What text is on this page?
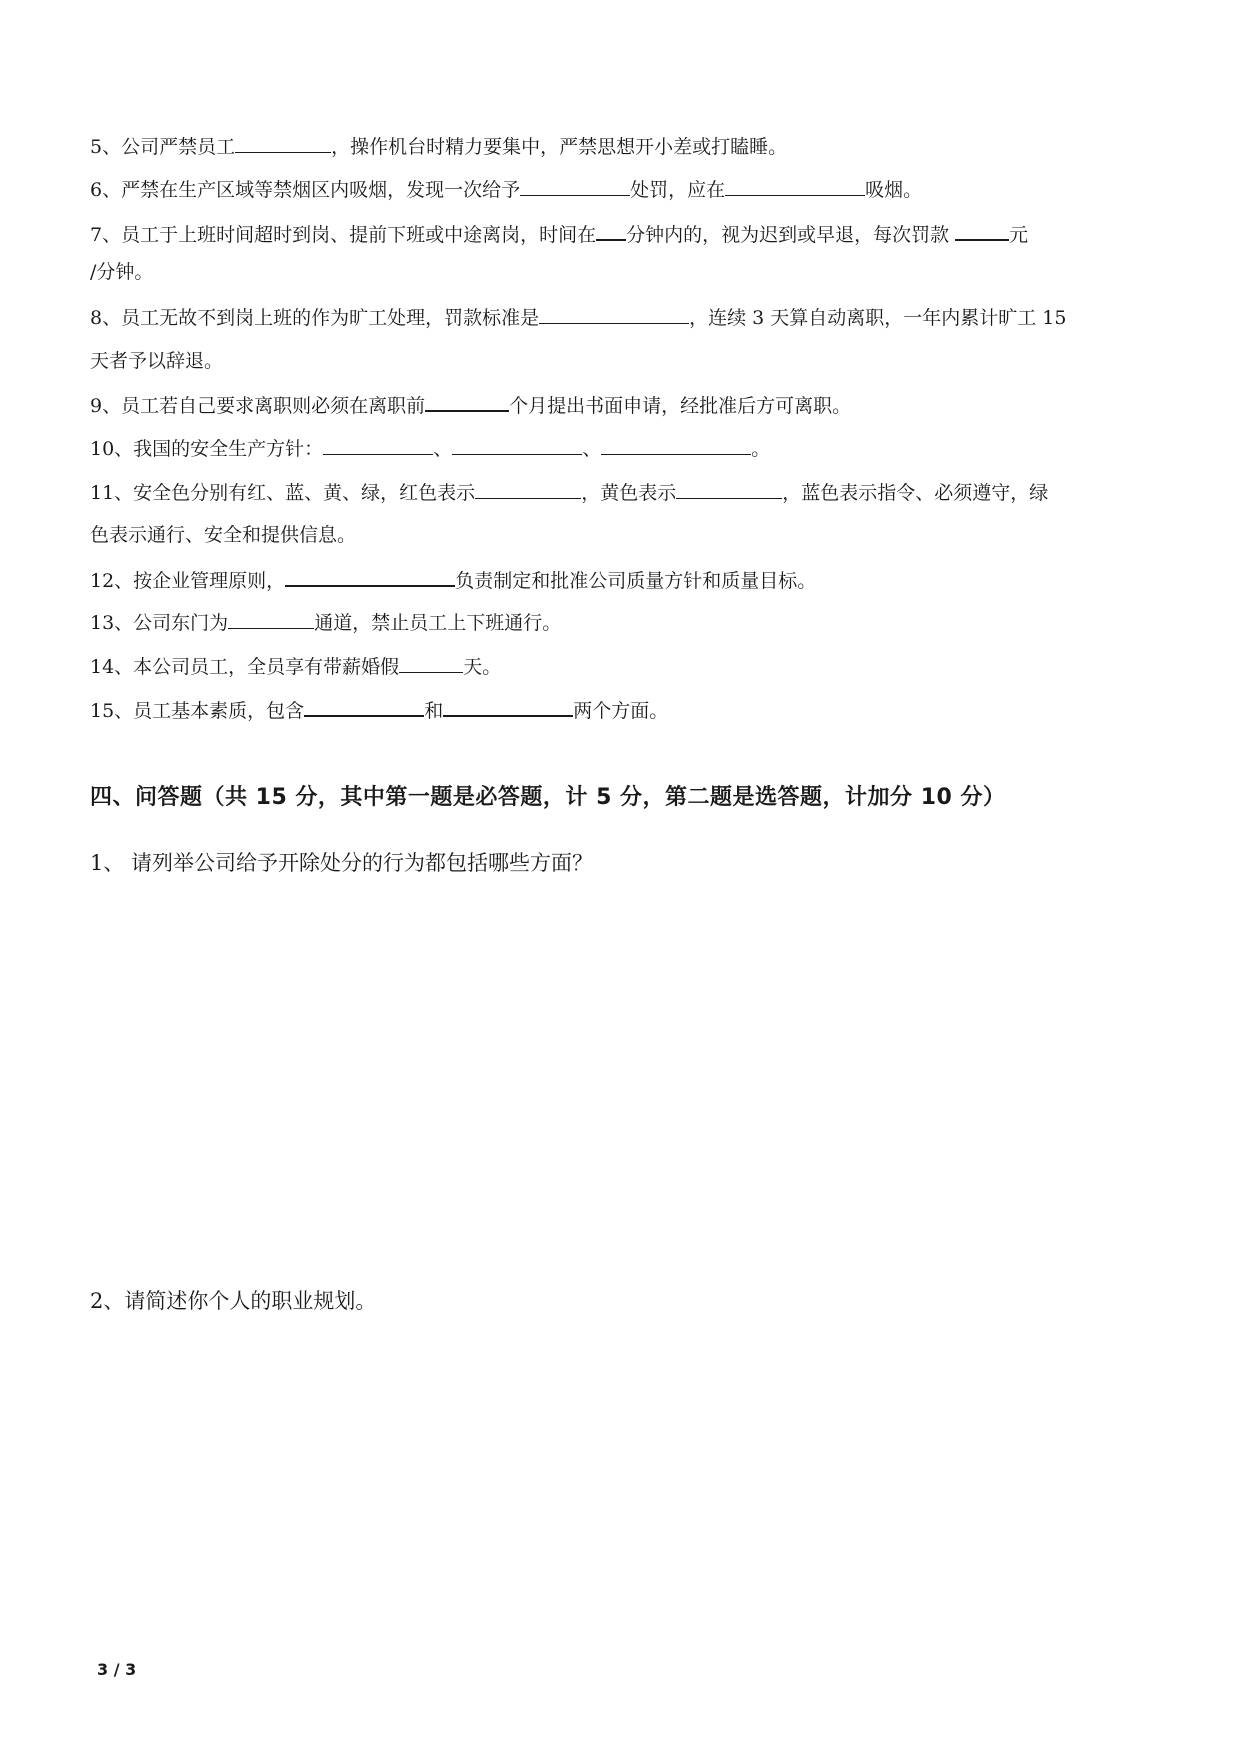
5、公司严禁员工	，操作机台时精力要集中，严禁思想开小差或打瞌睡。
6、严禁在生产区域等禁烟区内吸烟，发现一次给予	处罚，应在	吸烟。
7、员工于上班时间超时到岗、提前下班或中途离岗，时间在 分钟内的，视为迟到或早退，每次罚款	元
/分钟。
8、员工无故不到岗上班的作为旷工处理，罚款标准是	，连续 3 天算自动离职，一年内累计旷工 15
天者予以辞退。
9、员工若自己要求离职则必须在离职前	个月提出书面申请，经批准后方可离职。
10、我国的安全生产方针：	、	、	。
11、安全色分别有红、蓝、黄、绿，红色表示	，黄色表示	，蓝色表示指令、必须遵守，绿
色表示通行、安全和提供信息。
12、按企业管理原则，	负责制定和批准公司质量方针和质量目标。
13、公司东门为	通道，禁止员工上下班通行。
14、本公司员工，全员享有带薪婚假	天。
15、员工基本素质，包含	和	两个方面。
四、问答题（共 15 分，其中第一题是必答题，计 5 分，第二题是选答题，计加分 10 分）
1、 请列举公司给予开除处分的行为都包括哪些方面？
2、请简述你个人的职业规划。
3 / 3
